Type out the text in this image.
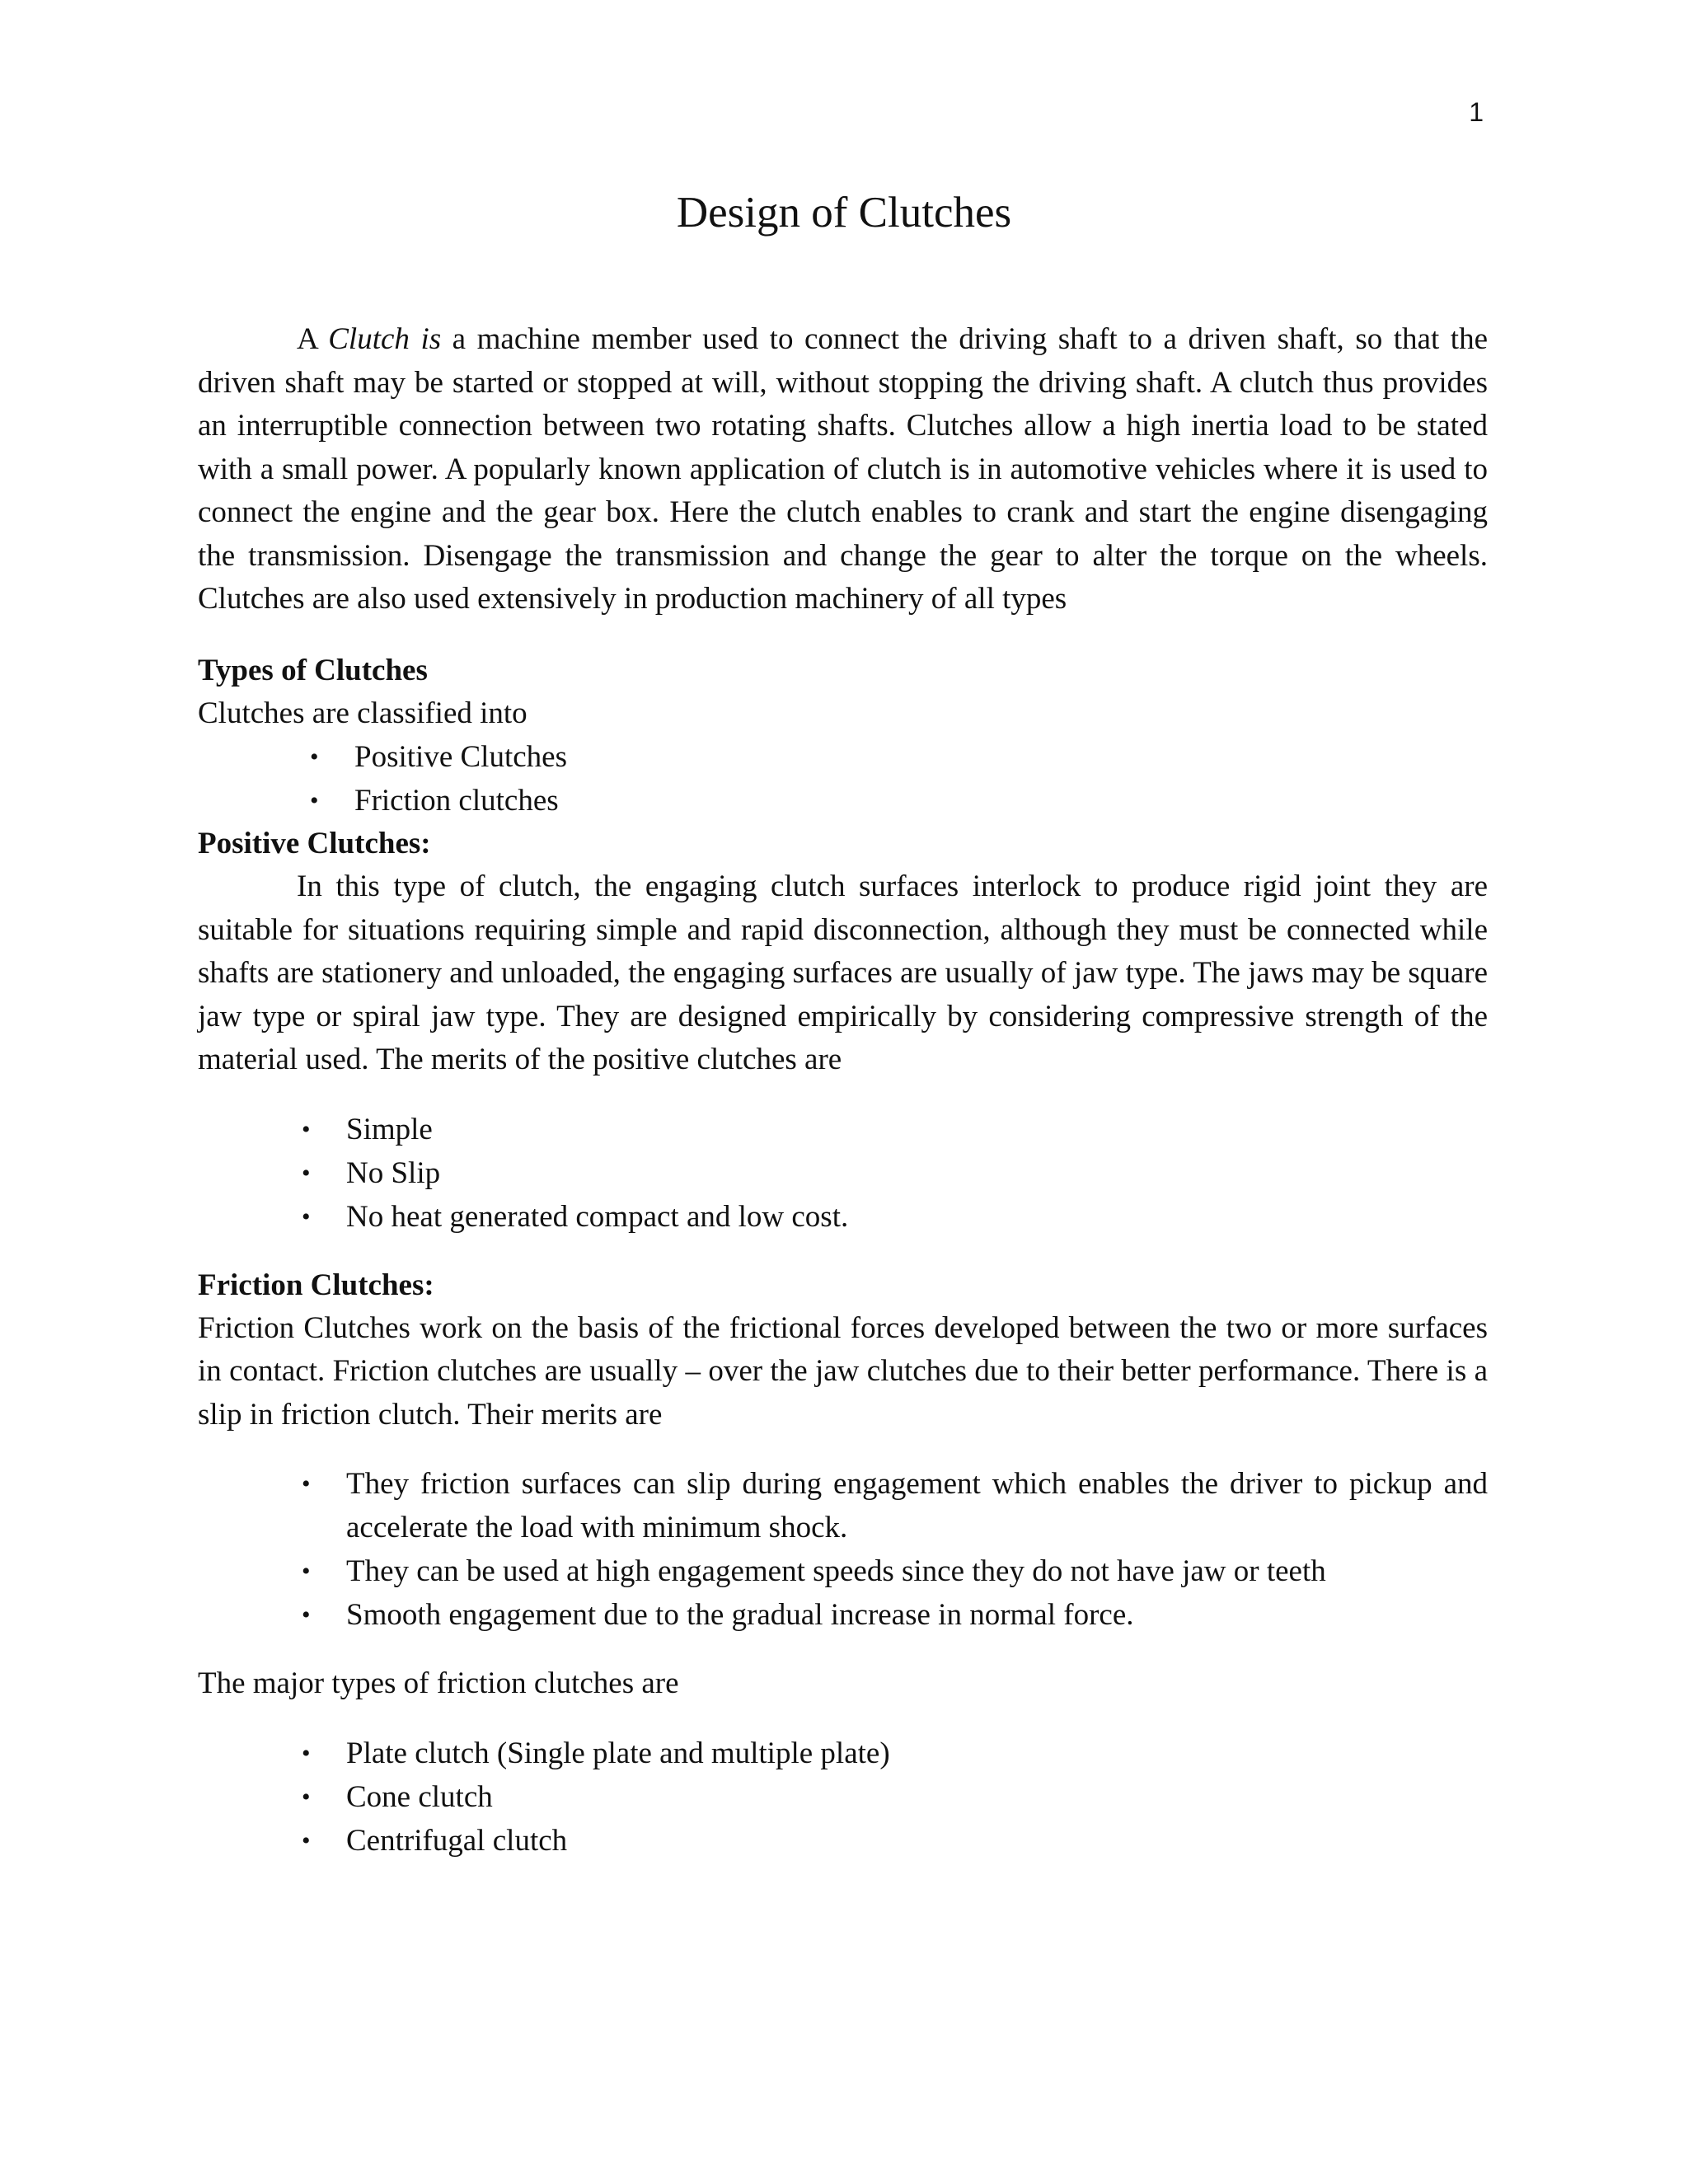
1
Design of Clutches

A Clutch is a machine member used to connect the driving shaft to a driven shaft, so that the driven shaft may be started or stopped at will, without stopping the driving shaft. A clutch thus provides an interruptible connection between two rotating shafts. Clutches allow a high inertia load to be stated with a small power. A popularly known application of clutch is in automotive vehicles where it is used to connect the engine and the gear box. Here the clutch enables to crank and start the engine disengaging the transmission. Disengage the transmission and change the gear to alter the torque on the wheels. Clutches are also used extensively in production machinery of all types

Types of Clutches

Clutches are classified into

• Positive Clutches
• Friction clutches

Positive Clutches:

In this type of clutch, the engaging clutch surfaces interlock to produce rigid joint they are suitable for situations requiring simple and rapid disconnection, although they must be connected while shafts are stationery and unloaded, the engaging surfaces are usually of jaw type. The jaws may be square jaw type or spiral jaw type. They are designed empirically by considering compressive strength of the material used. The merits of the positive clutches are

• Simple
• No Slip
• No heat generated compact and low cost.

Friction Clutches:

Friction Clutches work on the basis of the frictional forces developed between the two or more surfaces in contact. Friction clutches are usually – over the jaw clutches due to their better performance. There is a slip in friction clutch. Their merits are

• They friction surfaces can slip during engagement which enables the driver to pickup and accelerate the load with minimum shock.
• They can be used at high engagement speeds since they do not have jaw or teeth
• Smooth engagement due to the gradual increase in normal force.

The major types of friction clutches are

• Plate clutch (Single plate and multiple plate)
• Cone clutch
• Centrifugal clutch
